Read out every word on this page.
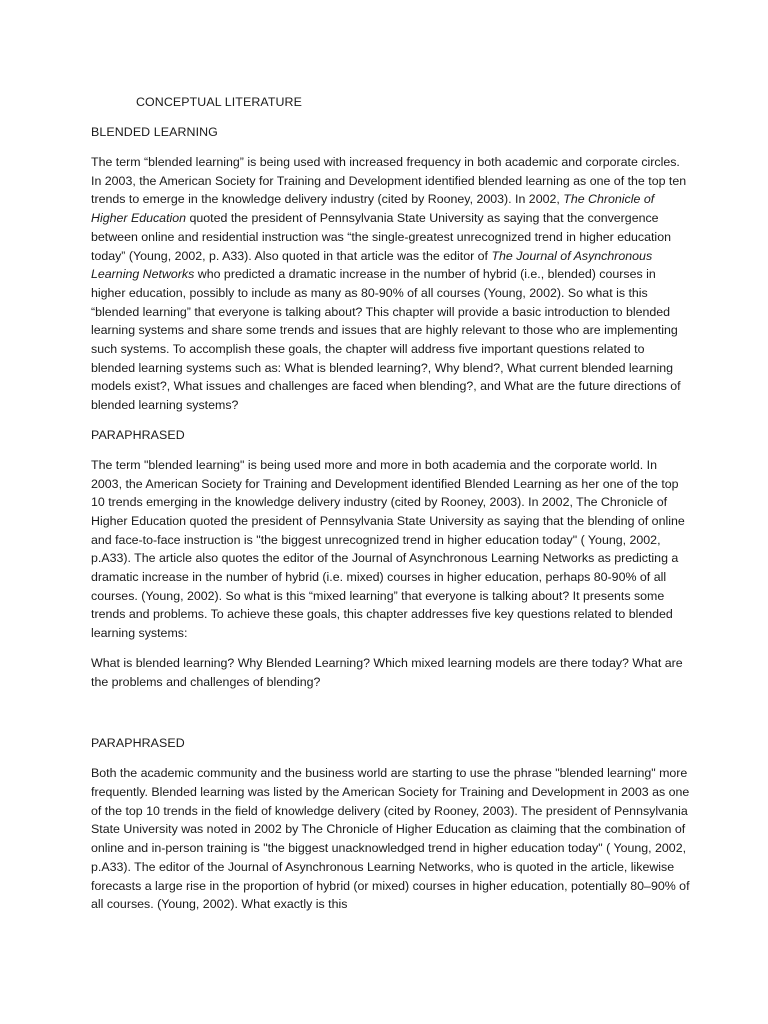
CONCEPTUAL LITERATURE
BLENDED LEARNING

The term “blended learning” is being used with increased frequency in both academic and corporate circles. In 2003, the American Society for Training and Development identified blended learning as one of the top ten trends to emerge in the knowledge delivery industry (cited by Rooney, 2003). In 2002, The Chronicle of Higher Education quoted the president of Pennsylvania State University as saying that the convergence between online and residential instruction was “the single-greatest unrecognized trend in higher education today” (Young, 2002, p. A33). Also quoted in that article was the editor of The Journal of Asynchronous Learning Networks who predicted a dramatic increase in the number of hybrid (i.e., blended) courses in higher education, possibly to include as many as 80-90% of all courses (Young, 2002). So what is this “blended learning” that everyone is talking about? This chapter will provide a basic introduction to blended learning systems and share some trends and issues that are highly relevant to those who are implementing such systems. To accomplish these goals, the chapter will address five important questions related to blended learning systems such as: What is blended learning?, Why blend?, What current blended learning models exist?, What issues and challenges are faced when blending?, and What are the future directions of blended learning systems?

PARAPHRASED

The term "blended learning" is being used more and more in both academia and the corporate world. In 2003, the American Society for Training and Development identified Blended Learning as her one of the top 10 trends emerging in the knowledge delivery industry (cited by Rooney, 2003). In 2002, The Chronicle of Higher Education quoted the president of Pennsylvania State University as saying that the blending of online and face-to-face instruction is "the biggest unrecognized trend in higher education today" ( Young, 2002, p.A33). The article also quotes the editor of the Journal of Asynchronous Learning Networks as predicting a dramatic increase in the number of hybrid (i.e. mixed) courses in higher education, perhaps 80-90% of all courses. (Young, 2002). So what is this “mixed learning” that everyone is talking about? It presents some trends and problems. To achieve these goals, this chapter addresses five key questions related to blended learning systems:

What is blended learning? Why Blended Learning? Which mixed learning models are there today? What are the problems and challenges of blending?

PARAPHRASED

Both the academic community and the business world are starting to use the phrase "blended learning" more frequently. Blended learning was listed by the American Society for Training and Development in 2003 as one of the top 10 trends in the field of knowledge delivery (cited by Rooney, 2003). The president of Pennsylvania State University was noted in 2002 by The Chronicle of Higher Education as claiming that the combination of online and in-person training is "the biggest unacknowledged trend in higher education today" ( Young, 2002, p.A33). The editor of the Journal of Asynchronous Learning Networks, who is quoted in the article, likewise forecasts a large rise in the proportion of hybrid (or mixed) courses in higher education, potentially 80–90% of all courses. (Young, 2002). What exactly is this
